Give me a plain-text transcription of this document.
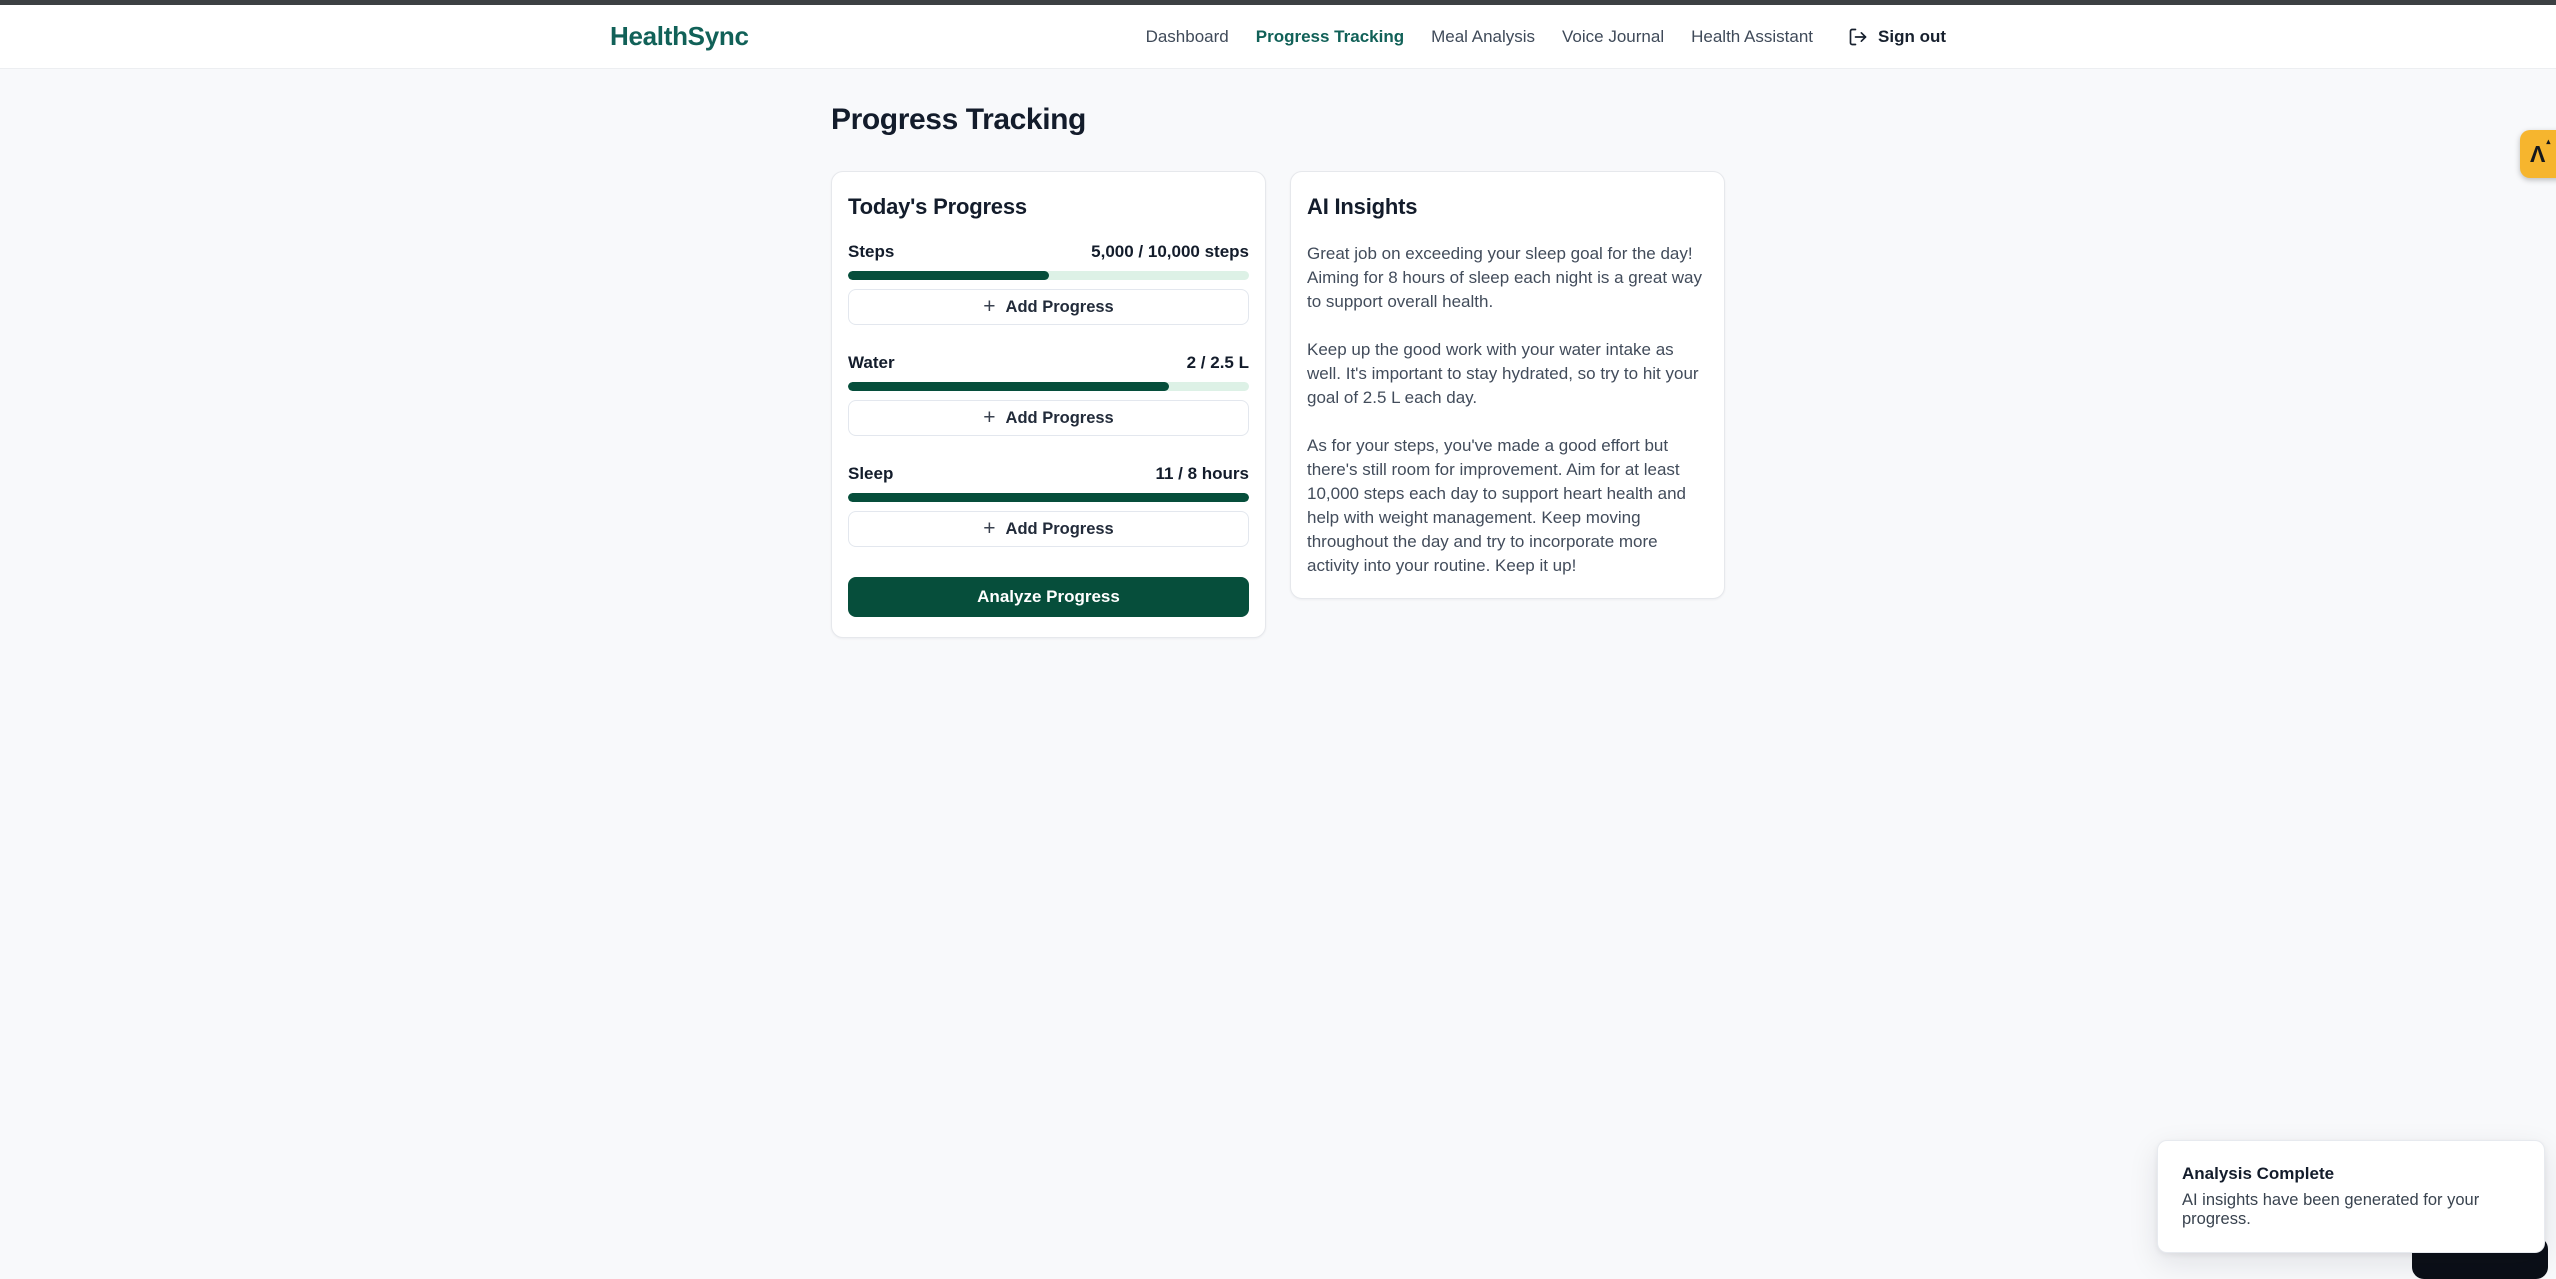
HealthSync	Dashboard Progress Tracking Meal Analysis Voice Journal Health Assistant	Sign out
Progress Tracking
Today's Progress
Steps	5,000 / 10,000 steps
+ Add Progress
Water	2 / 2.5 L
+ Add Progress
Sleep	11 / 8 hours
+ Add Progress
Analyze Progress
AI Insights

Great job on exceeding your sleep goal for the day! Aiming for 8 hours of sleep each night is a great way to support overall health.

Keep up the good work with your water intake as well. It's important to stay hydrated, so try to hit your goal of 2.5 L each day.

As for your steps, you've made a good effort but there's still room for improvement. Aim for at least 10,000 steps each day to support heart health and help with weight management. Keep moving throughout the day and try to incorporate more activity into your routine. Keep it up!

Λ ▴
Analysis Complete
AI insights have been generated for your progress.
